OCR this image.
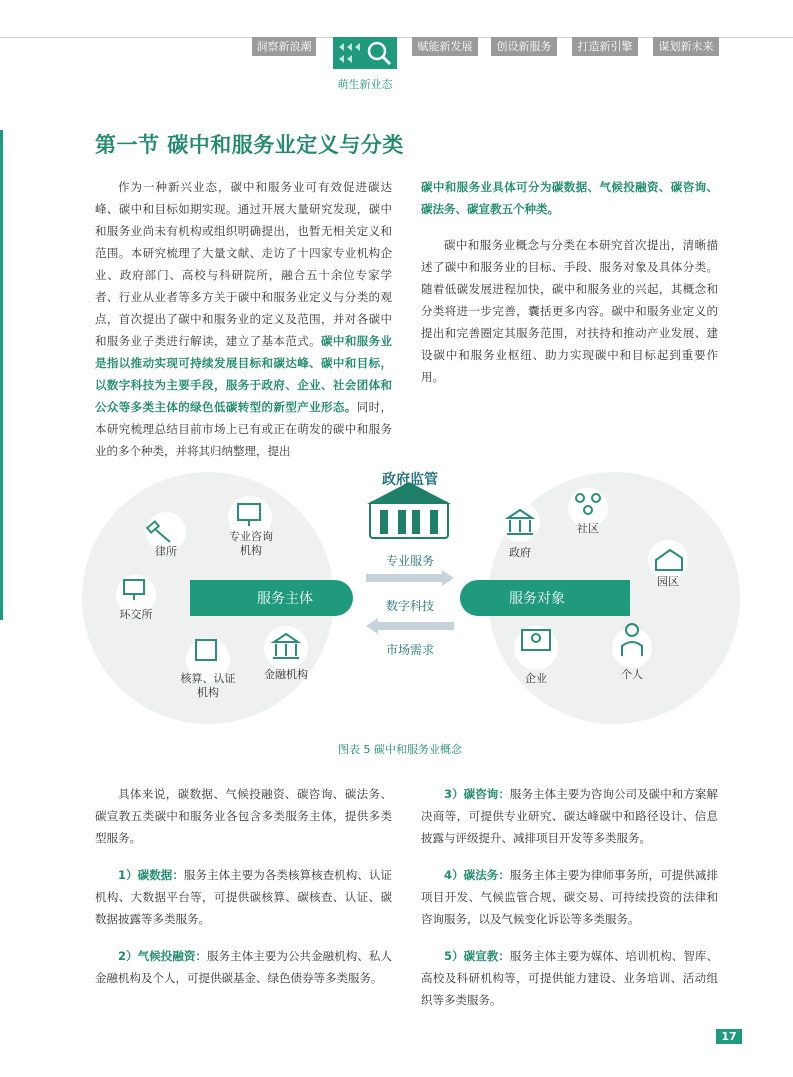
洞察新浪潮
萌生新业态
赋能新发展	创设新服务	打造新引擎	谋划新未来
第一节 碳中和服务业定义与分类

作为一种新兴业态，碳中和服务业可有效促进碳达峰、碳中和目标如期实现。通过开展大量研究发现，碳中和服务业尚未有机构或组织明确提出，也暂无相关定义和范围。本研究梳理了大量文献、走访了十四家专业机构企业、政府部门、高校与科研院所，融合五十余位专家学者、行业从业者等多方关于碳中和服务业定义与分类的观点，首次提出了碳中和服务业的定义及范围，并对各碳中和服务业子类进行解读，建立了基本范式。碳中和服务业是指以推动实现可持续发展目标和碳达峰、碳中和目标，以数字科技为主要手段，服务于政府、企业、社会团体和公众等多类主体的绿色低碳转型的新型产业形态。同时，本研究梳理总结目前市场上已有或正在萌发的碳中和服务业的多个种类，并将其归纳整理，提出

碳中和服务业具体可分为碳数据、气候投融资、碳咨询、碳法务、碳宣教五个种类。

碳中和服务业概念与分类在本研究首次提出，清晰描述了碳中和服务业的目标、手段、服务对象及具体分类。随着低碳发展进程加快，碳中和服务业的兴起，其概念和分类将进一步完善，囊括更多内容。碳中和服务业定义的提出和完善圈定其服务范围，对扶持和推动产业发展、建设碳中和服务业枢纽、助力实现碳中和目标起到重要作用。

政府监管
服务主体	服务对象
专业服务
数字科技
市场需求
律所
专业咨询机构
环交所
核算、认证机构
金融机构
政府
社区
园区
企业	个人
图表 5 碳中和服务业概念

具体来说，碳数据、气候投融资、碳咨询、碳法务、碳宣教五类碳中和服务业各包含多类服务主体，提供多类型服务。

1）碳数据：服务主体主要为各类核算核查机构、认证机构、大数据平台等，可提供碳核算、碳核查、认证、碳数据披露等多类服务。

2）气候投融资：服务主体主要为公共金融机构、私人金融机构及个人，可提供碳基金、绿色债券等多类服务。

3）碳咨询：服务主体主要为咨询公司及碳中和方案解决商等，可提供专业研究、碳达峰碳中和路径设计、信息披露与评级提升、减排项目开发等多类服务。

4）碳法务：服务主体主要为律师事务所，可提供减排项目开发、气候监管合规、碳交易、可持续投资的法律和咨询服务，以及气候变化诉讼等多类服务。

5）碳宣教：服务主体主要为媒体、培训机构、智库、高校及科研机构等，可提供能力建设、业务培训、活动组织等多类服务。

17
